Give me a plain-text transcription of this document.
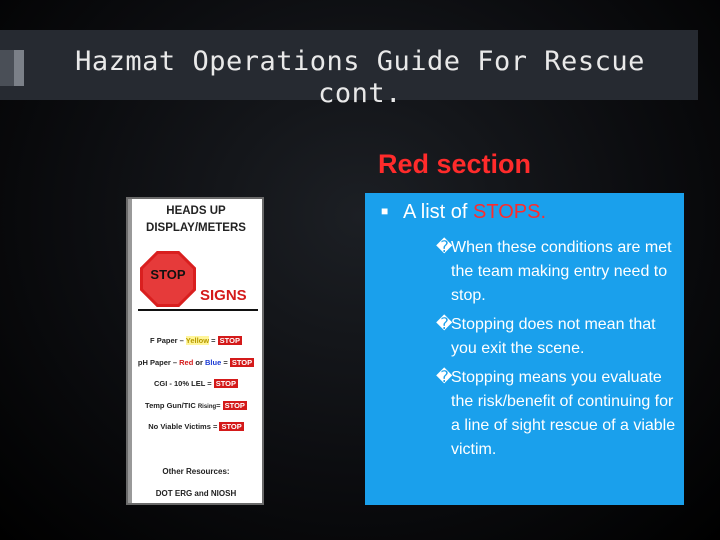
Hazmat Operations Guide For Rescue
cont.
Red section
HEADS UP
DISPLAY/METERS
STOP
SIGNS
F Paper – Yellow = STOP
pH Paper – Red or Blue = STOP
CGI - 10% LEL = STOP
Temp Gun/TIC Rising= STOP
No Viable Victims = STOP
Other Resources:
DOT ERG and NIOSH
■ A list of STOPS.
�
When these conditions are met the team making entry need to stop.
�
Stopping does not mean that you exit the scene.
�
Stopping means you evaluate the risk/benefit of continuing for a line of sight rescue of a viable victim.
